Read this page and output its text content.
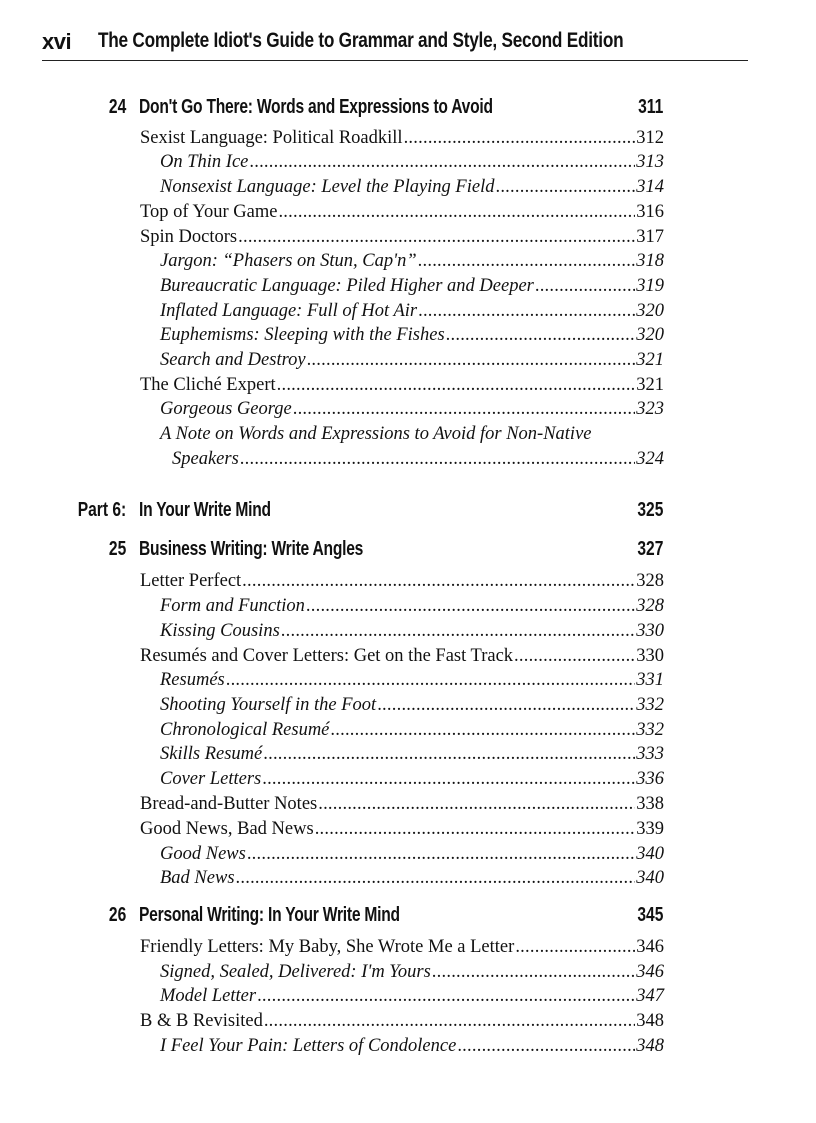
xvi The Complete Idiot's Guide to Grammar and Style, Second Edition
24 Don't Go There: Words and Expressions to Avoid	311
Sexist Language: Political Roadkill . . .	312
On Thin Ice . . .	313
Nonsexist Language: Level the Playing Field . . .	314
Top of Your Game . . .	316
Spin Doctors . . .	317
Jargon: “Phasers on Stun, Cap'n” . . .	318
Bureaucratic Language: Piled Higher and Deeper . . .	319
Inflated Language: Full of Hot Air . . .	320
Euphemisms: Sleeping with the Fishes . . .	320
Search and Destroy . . .	321
The Cliché Expert . . .	321
Gorgeous George . . .	323
A Note on Words and Expressions to Avoid for Non-Native
Speakers . . .	324
Part 6: In Your Write Mind	325
25 Business Writing: Write Angles	327
Letter Perfect . . .	328
Form and Function . . .	328
Kissing Cousins . . .	330
Resumés and Cover Letters: Get on the Fast Track . . .	330
Resumés . . .	331
Shooting Yourself in the Foot . . .	332
Chronological Resumé . . .	332
Skills Resumé . . .	333
Cover Letters . . .	336
Bread-and-Butter Notes . . .	338
Good News, Bad News . . .	339
Good News . . .	340
Bad News . . .	340
26 Personal Writing: In Your Write Mind	345
Friendly Letters: My Baby, She Wrote Me a Letter . . .	346
Signed, Sealed, Delivered: I'm Yours . . .	346
Model Letter . . .	347
B & B Revisited . . .	348
I Feel Your Pain: Letters of Condolence . . .	348
